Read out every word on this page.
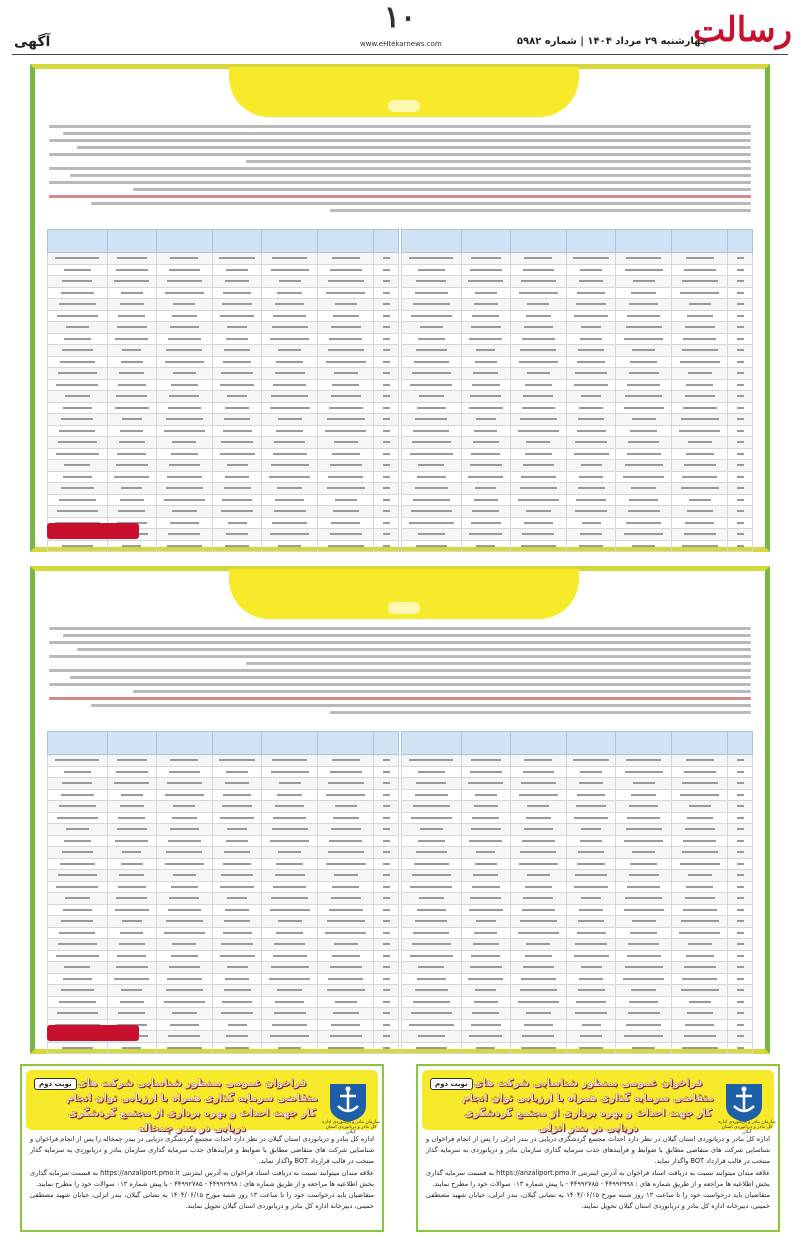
رسالت
چهارشنبه ۲۹ مرداد ۱۴۰۴ | شماره ۵۹۸۲
۱۰
www.eHtekarnews.com
آگهی

نوبت دوم فراخوان عمومی بمنظور شناسایی شرکت های متقاضی سرمایه گذاری همراه با ارزیابی توان انجام کار جهت احداث و بهره برداری از مجتمع گردشگری دریایی در بندر انزلی
سازمان بنادر و دریانوردی اداره کل بنادر و دریانوردی استان گیلان
اداره کل بنادر و دریانوردی استان گیلان در نظر دارد احداث مجتمع گردشگری دریایی در بندر انزلی را پس از انجام فراخوان و شناسایی شرکت های متقاضی مطابق با ضوابط و فرآیندهای جذب سرمایه گذاری سازمان بنادر و دریانوردی به سرمایه گذار منتخب در قالب قرارداد BOT واگذار نماید.
علاقه مندان میتوانند نسبت به دریافت اسناد فراخوان به آدرس اینترنتی https://anzaliport.pmo.ir به قسمت سرمایه گذاری بخش اطلاعیه ها مراجعه و از طریق شماره های : ۴۴۹۹۲۹۹۸ - ۴۴۹۹۲۷۸۵ - با پیش شماره ۰۱۳ سوالات خود را مطرح نمایند.
متقاضیان باید درخواست خود را تا ساعت ۱۳ روز شنبه مورخ ۱۴۰۴/۰۶/۱۵ به نشانی گیلان، بندر انزلی، خیابان شهید مصطفی خمینی، دبیرخانه اداره کل بنادر و دریانوردی استان گیلان تحویل نمایند.
نوبت دوم فراخوان عمومی بمنظور شناسایی شرکت های متقاضی سرمایه گذاری همراه با ارزیابی توان انجام کار جهت احداث و بهره برداری از مجتمع گردشگری دریایی در بندر چمخاله
سازمان بنادر و دریانوردی اداره کل بنادر و دریانوردی استان گیلان
اداره کل بنادر و دریانوردی استان گیلان در نظر دارد احداث مجتمع گردشگری دریایی در بندر چمخاله را پس از انجام فراخوان و شناسایی شرکت های متقاضی مطابق با ضوابط و فرآیندهای جذب سرمایه گذاری سازمان بنادر و دریانوردی به سرمایه گذار منتخب در قالب قرارداد BOT واگذار نماید.
علاقه مندان میتوانند نسبت به دریافت اسناد فراخوان به آدرس اینترنتی https://anzaliport.pmo.ir به قسمت سرمایه گذاری بخش اطلاعیه ها مراجعه و از طریق شماره های : ۴۴۹۹۲۹۹۸ - ۴۴۹۹۲۷۸۵ - با پیش شماره ۰۱۳ سوالات خود را مطرح نمایند.
متقاضیان باید درخواست خود را تا ساعت ۱۳ روز شنبه مورخ ۱۴۰۴/۰۶/۱۵ به نشانی گیلان، بندر انزلی، خیابان شهید مصطفی خمینی، دبیرخانه اداره کل بنادر و دریانوردی استان گیلان تحویل نمایند.
